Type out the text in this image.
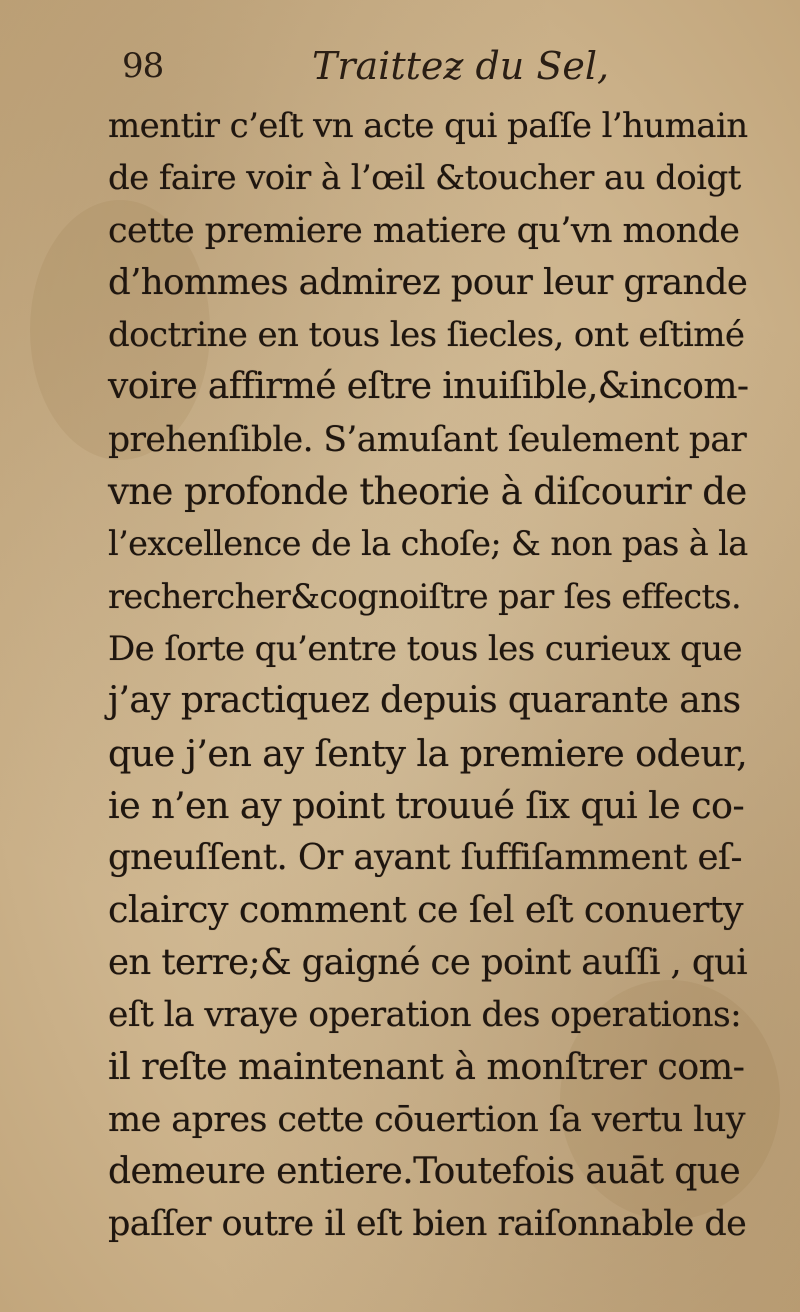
98	Traitteƶ du Sel,
mentir c’eſt vn acte qui paſſe l’humain
de faire voir à l’œil &toucher au doigt
cette premiere matiere qu’vn monde
d’hommes admirez pour leur grande
doctrine en tous les ſiecles, ont eſtimé
voire affirmé eſtre inuiſible,&incom-
prehenſible. S’amuſant ſeulement par
vne profonde theorie à diſcourir de
l’excellence de la choſe; & non pas à la
rechercher&cognoiſtre par ſes effects.
De ſorte qu’entre tous les curieux que
j’ay practiquez depuis quarante ans
que j’en ay ſenty la premiere odeur,
ie n’en ay point trouué ſix qui le co-
gneuſſent. Or ayant ſuffiſamment eſ-
claircy comment ce ſel eſt conuerty
en terre;& gaigné ce point auſſi , qui
eſt la vraye operation des operations:
il reſte maintenant à monſtrer com-
me apres cette cōuertion ſa vertu luy
demeure entiere.Toutefois auāt que
paſſer outre il eſt bien raiſonnable de
